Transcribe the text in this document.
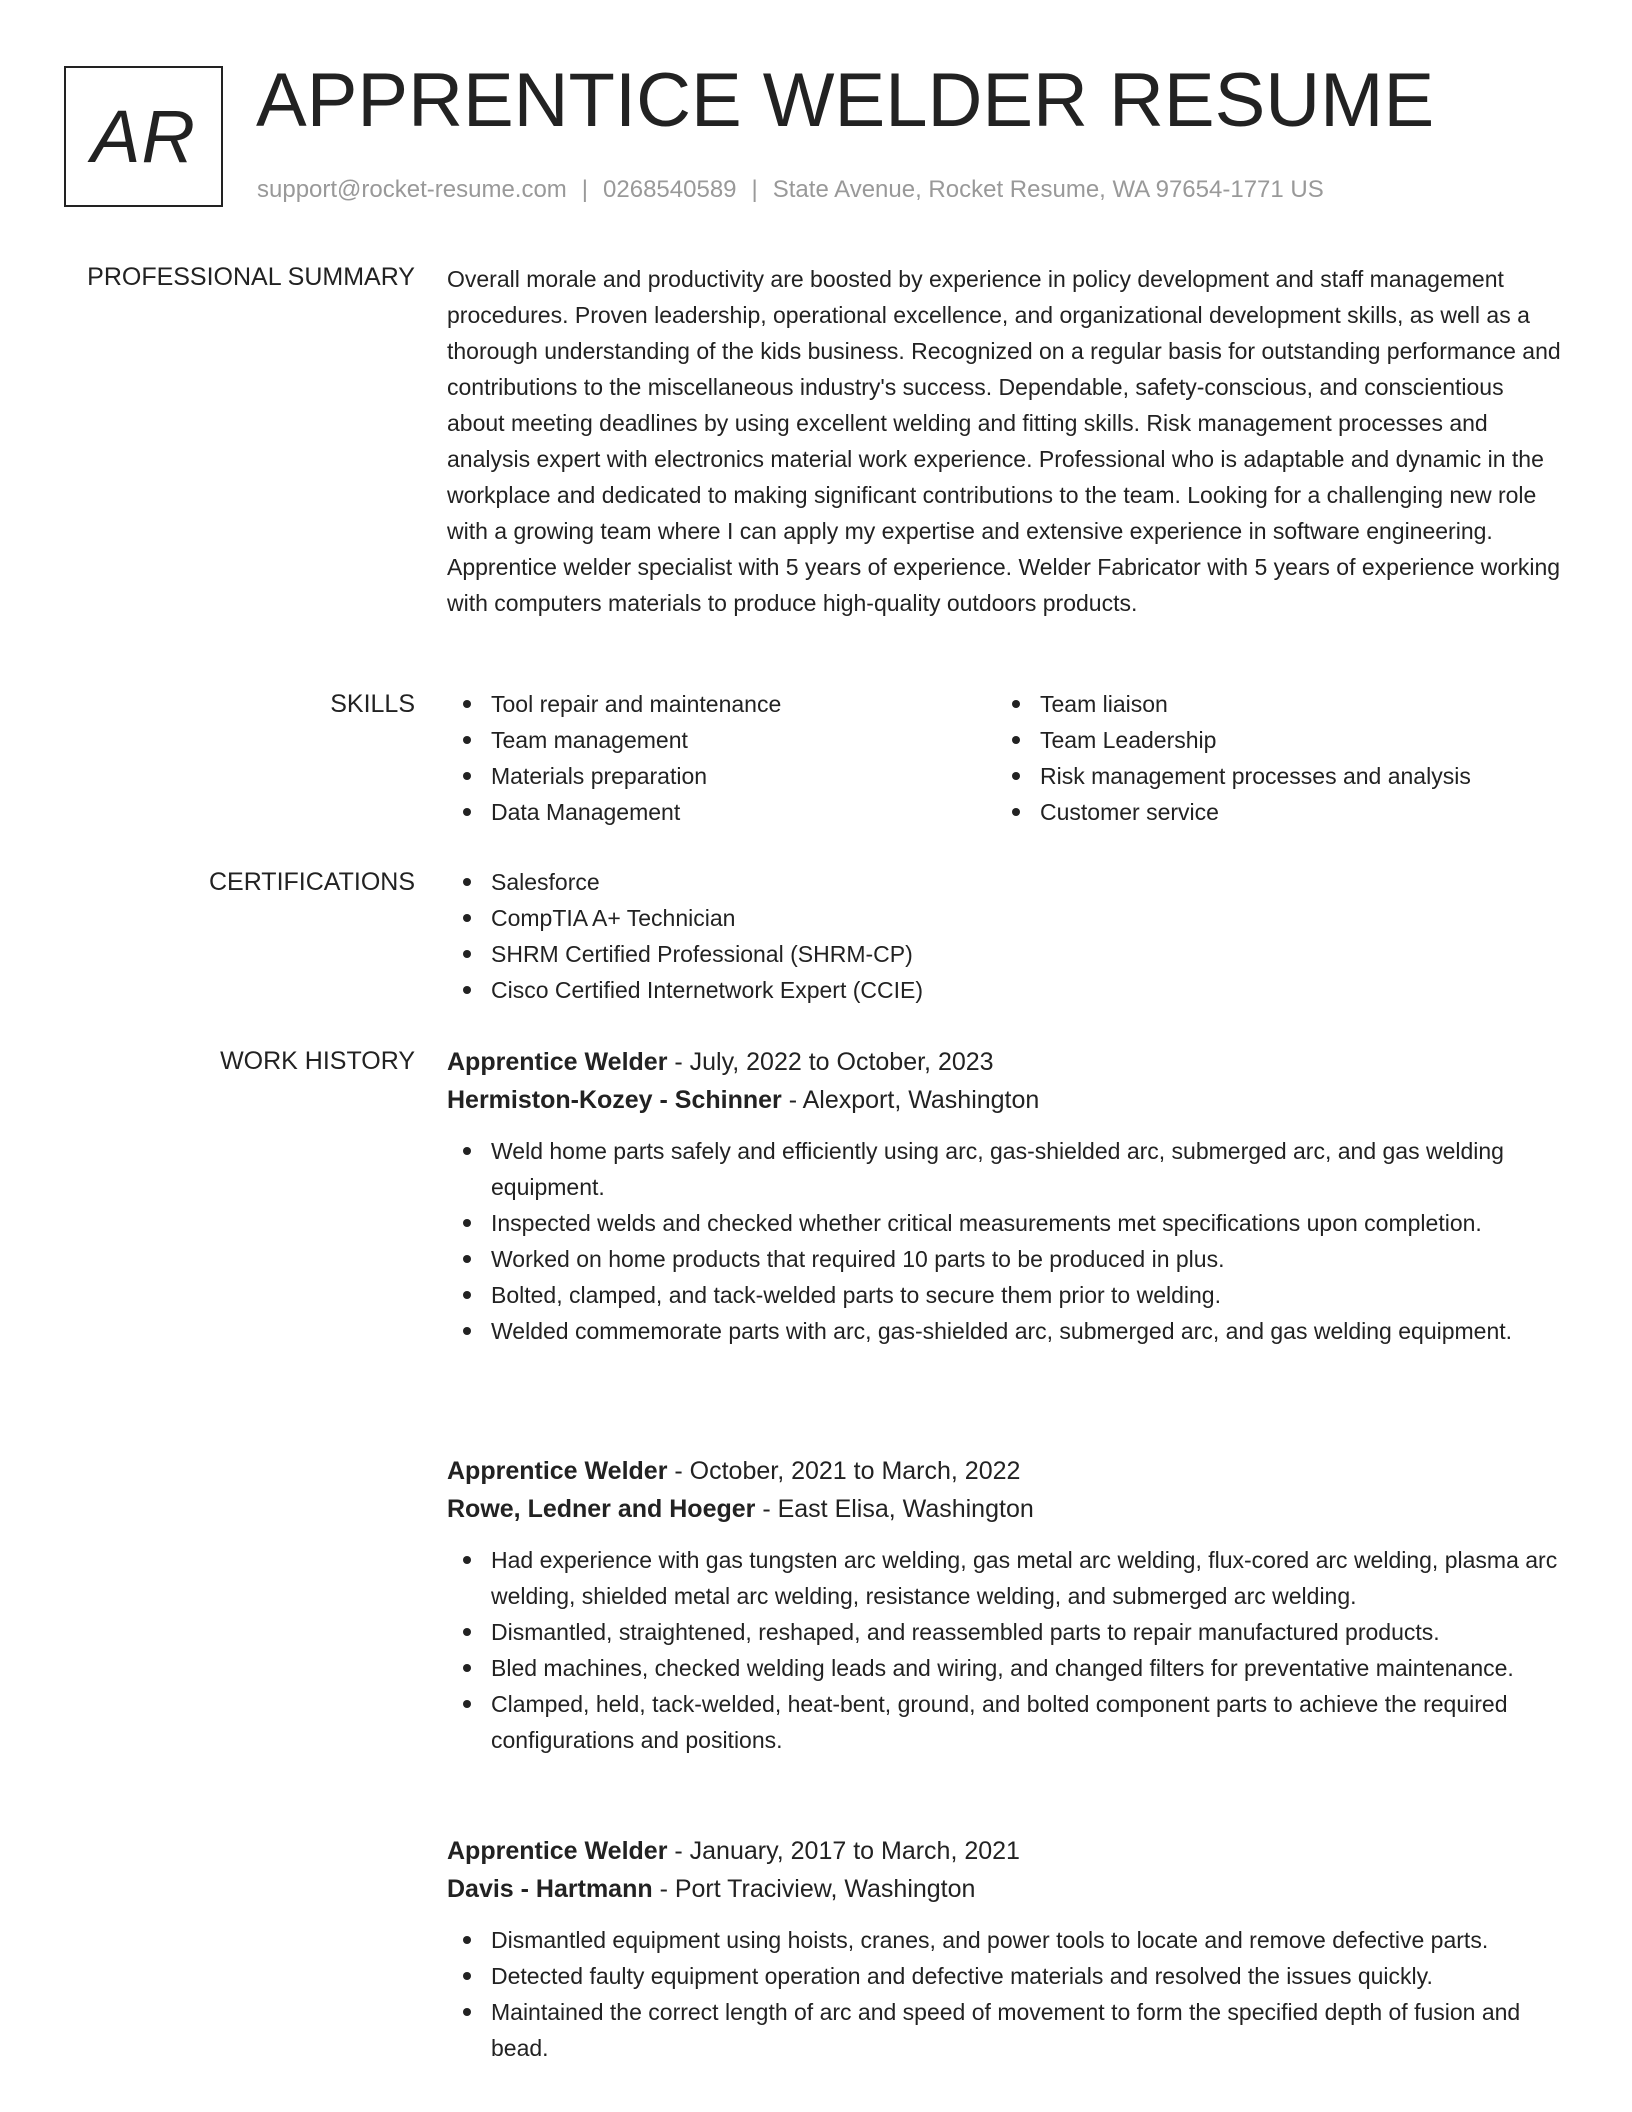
AR APPRENTICE WELDER RESUME
support@rocket-resume.com | 0268540589 | State Avenue, Rocket Resume, WA 97654-1771 US
PROFESSIONAL SUMMARY Overall morale and productivity are boosted by experience in policy development and staff management procedures. Proven leadership, operational excellence, and organizational development skills, as well as a thorough understanding of the kids business. Recognized on a regular basis for outstanding performance and contributions to the miscellaneous industry's success. Dependable, safety-conscious, and conscientious about meeting deadlines by using excellent welding and fitting skills. Risk management processes and analysis expert with electronics material work experience. Professional who is adaptable and dynamic in the workplace and dedicated to making significant contributions to the team. Looking for a challenging new role with a growing team where I can apply my expertise and extensive experience in software engineering. Apprentice welder specialist with 5 years of experience. Welder Fabricator with 5 years of experience working with computers materials to produce high-quality outdoors products.

SKILLS	Tool repair and maintenance
Team management
Materials preparation
Data Management
Team liaison
Team Leadership
Risk management processes and analysis
Customer service
CERTIFICATIONS	Salesforce
CompTIA A+ Technician
SHRM Certified Professional (SHRM-CP)
Cisco Certified Internetwork Expert (CCIE)
WORK HISTORY Apprentice Welder - July, 2022 to October, 2023
Hermiston-Kozey - Schinner - Alexport, Washington
Weld home parts safely and efficiently using arc, gas-shielded arc, submerged arc, and gas welding equipment.
Inspected welds and checked whether critical measurements met specifications upon completion.
Worked on home products that required 10 parts to be produced in plus.
Bolted, clamped, and tack-welded parts to secure them prior to welding.
Welded commemorate parts with arc, gas-shielded arc, submerged arc, and gas welding equipment.
Apprentice Welder - October, 2021 to March, 2022
Rowe, Ledner and Hoeger - East Elisa, Washington
Had experience with gas tungsten arc welding, gas metal arc welding, flux-cored arc welding, plasma arc welding, shielded metal arc welding, resistance welding, and submerged arc welding.
Dismantled, straightened, reshaped, and reassembled parts to repair manufactured products.
Bled machines, checked welding leads and wiring, and changed filters for preventative maintenance.
Clamped, held, tack-welded, heat-bent, ground, and bolted component parts to achieve the required configurations and positions.
Apprentice Welder - January, 2017 to March, 2021
Davis - Hartmann - Port Traciview, Washington
Dismantled equipment using hoists, cranes, and power tools to locate and remove defective parts.
Detected faulty equipment operation and defective materials and resolved the issues quickly.
Maintained the correct length of arc and speed of movement to form the specified depth of fusion and bead.
